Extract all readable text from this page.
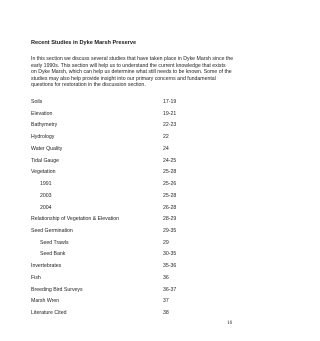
Recent Studies in Dyke Marsh Preserve
In this section we discuss several studies that have taken place in Dyke Marsh since the
early 1990s. This section will help us to understand the current knowledge that exists
on Dyke Marsh, which can help us determine what still needs to be known. Some of the
studies may also help provide insight into our primary concerns and fundamental
questions for restoration in the discussion section.
Soils	17-19
Elevation	19-21
Bathymetry	22-23
Hydrology	22
Water Quality	24
Tidal Gauge	24-25
Vegetation	25-28
1991	25-26
2003	25-28
2004	26-28
Relationship of Vegetation & Elevation	28-29
Seed Germination	29-35
Seed Trawls	29
Seed Bank	30-35
Invertebrates	35-36
Fish	36
Breeding Bird Surveys	36-37
Marsh Wren	37
Literature Cited	38
16
